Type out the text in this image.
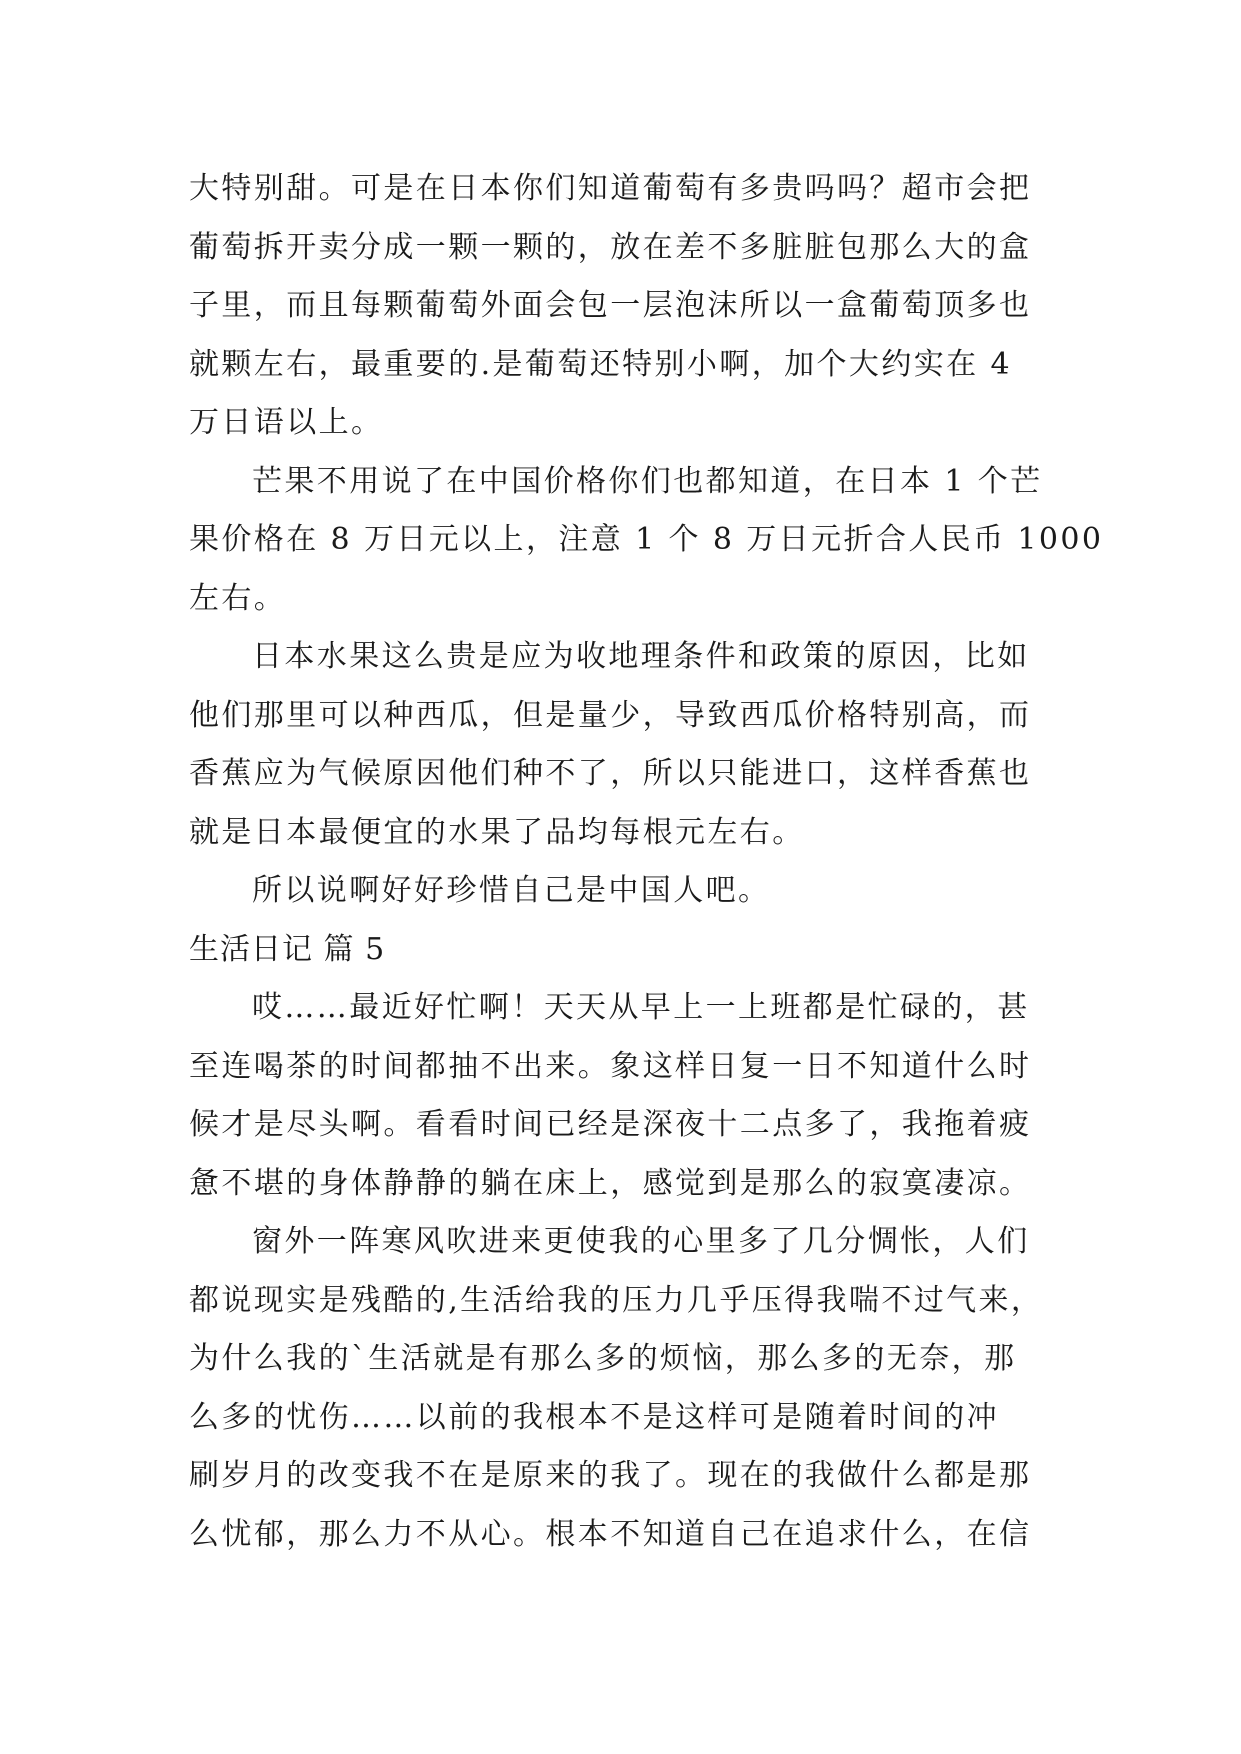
大特别甜。可是在日本你们知道葡萄有多贵吗吗？超市会把
葡萄拆开卖分成一颗一颗的，放在差不多脏脏包那么大的盒
子里，而且每颗葡萄外面会包一层泡沫所以一盒葡萄顶多也
就颗左右，最重要的.是葡萄还特别小啊，加个大约实在 4
万日语以上。
芒果不用说了在中国价格你们也都知道，在日本 1 个芒
果价格在 8 万日元以上，注意 1 个 8 万日元折合人民币 1000
左右。
日本水果这么贵是应为收地理条件和政策的原因，比如
他们那里可以种西瓜，但是量少，导致西瓜价格特别高，而
香蕉应为气候原因他们种不了，所以只能进口，这样香蕉也
就是日本最便宜的水果了品均每根元左右。
所以说啊好好珍惜自己是中国人吧。
生活日记 篇 5
哎……最近好忙啊！天天从早上一上班都是忙碌的，甚
至连喝茶的时间都抽不出来。象这样日复一日不知道什么时
候才是尽头啊。看看时间已经是深夜十二点多了，我拖着疲
惫不堪的身体静静的躺在床上，感觉到是那么的寂寞凄凉。
窗外一阵寒风吹进来更使我的心里多了几分惆怅，人们
都说现实是残酷的,生活给我的压力几乎压得我喘不过气来，
为什么我的`生活就是有那么多的烦恼，那么多的无奈，那
么多的忧伤……以前的我根本不是这样可是随着时间的冲
刷岁月的改变我不在是原来的我了。现在的我做什么都是那
么忧郁，那么力不从心。根本不知道自己在追求什么，在信
